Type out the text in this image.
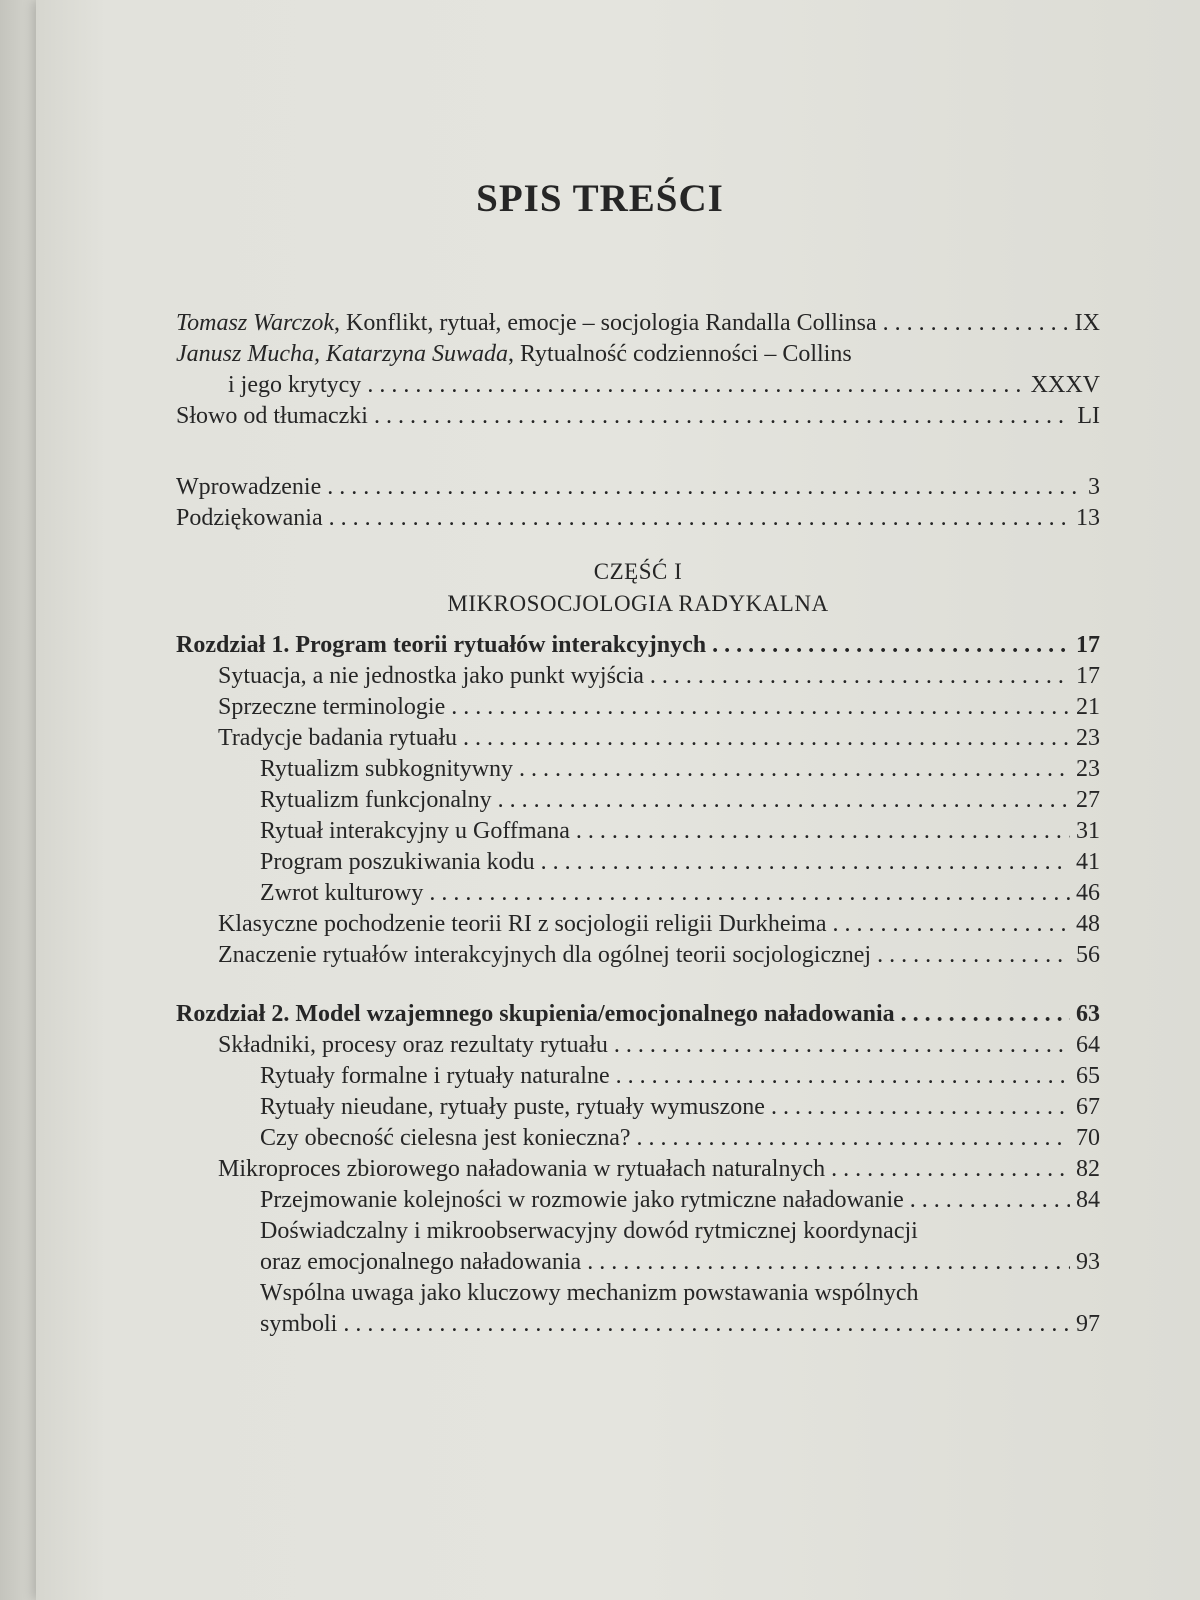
SPIS TREŚCI
Tomasz Warczok, Konflikt, rytuał, emocje – socjologia Randalla Collinsa . . .	IX
Janusz Mucha, Katarzyna Suwada, Rytualność codzienności – Collins
i jego krytycy . . .	XXXV
Słowo od tłumaczki . . .	LI
Wprowadzenie . . .	3
Podziękowania . . .	13
CZĘŚĆ I
MIKROSOCJOLOGIA RADYKALNA
Rozdział 1. Program teorii rytuałów interakcyjnych . . .	17
Sytuacja, a nie jednostka jako punkt wyjścia . . .	17
Sprzeczne terminologie . . .	21
Tradycje badania rytuału . . .	23
Rytualizm subkognitywny . . .	23
Rytualizm funkcjonalny . . .	27
Rytuał interakcyjny u Goffmana . . .	31
Program poszukiwania kodu . . .	41
Zwrot kulturowy . . .	46
Klasyczne pochodzenie teorii RI z socjologii religii Durkheima . . .	48
Znaczenie rytuałów interakcyjnych dla ogólnej teorii socjologicznej . . .	56
Rozdział 2. Model wzajemnego skupienia/emocjonalnego naładowania . . .	63
Składniki, procesy oraz rezultaty rytuału . . .	64
Rytuały formalne i rytuały naturalne . . .	65
Rytuały nieudane, rytuały puste, rytuały wymuszone . . .	67
Czy obecność cielesna jest konieczna? . . .	70
Mikroproces zbiorowego naładowania w rytuałach naturalnych . . .	82
Przejmowanie kolejności w rozmowie jako rytmiczne naładowanie . . .	84
Doświadczalny i mikroobserwacyjny dowód rytmicznej koordynacji
oraz emocjonalnego naładowania . . .	93
Wspólna uwaga jako kluczowy mechanizm powstawania wspólnych
symboli . . .	97
